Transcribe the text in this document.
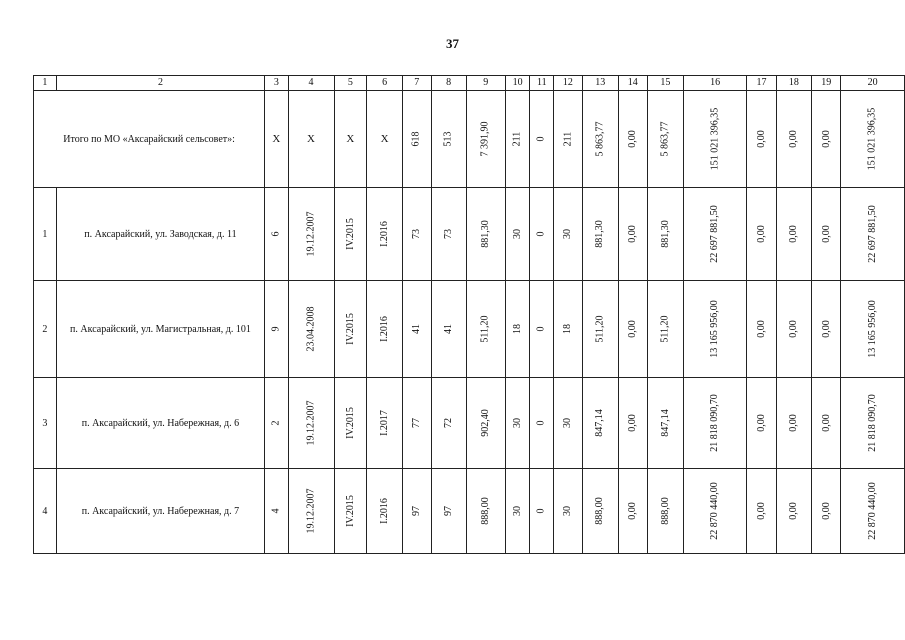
37
1	2	3	4	5	6	7	8	9	10	11	12	13	14	15	16	17	18	19	20
Итого по МО «Аксарайский сельсовет»:		X	X	X	X	618	513	7 391,90	211	0	211	5 863,77	0,00	5 863,77	151 021 396,35	0,00	0,00	0,00	151 021 396,35
1	п. Аксарайский, ул. Заводская, д. 11	6	19.12.2007	IV.2015	I.2016	73	73	881,30	30	0	30	881,30	0,00	881,30	22 697 881,50	0,00	0,00	0,00	22 697 881,50
2	п. Аксарайский, ул. Магистральная, д. 101	9	23.04.2008	IV.2015	I.2016	41	41	511,20	18	0	18	511,20	0,00	511,20	13 165 956,00	0,00	0,00	0,00	13 165 956,00
3	п. Аксарайский, ул. Набережная, д. 6	2	19.12.2007	IV.2015	I.2017	77	72	902,40	30	0	30	847,14	0,00	847,14	21 818 090,70	0,00	0,00	0,00	21 818 090,70
4	п. Аксарайский, ул. Набережная, д. 7	4	19.12.2007	IV.2015	I.2016	97	97	888,00	30	0	30	888,00	0,00	888,00	22 870 440,00	0,00	0,00	0,00	22 870 440,00
